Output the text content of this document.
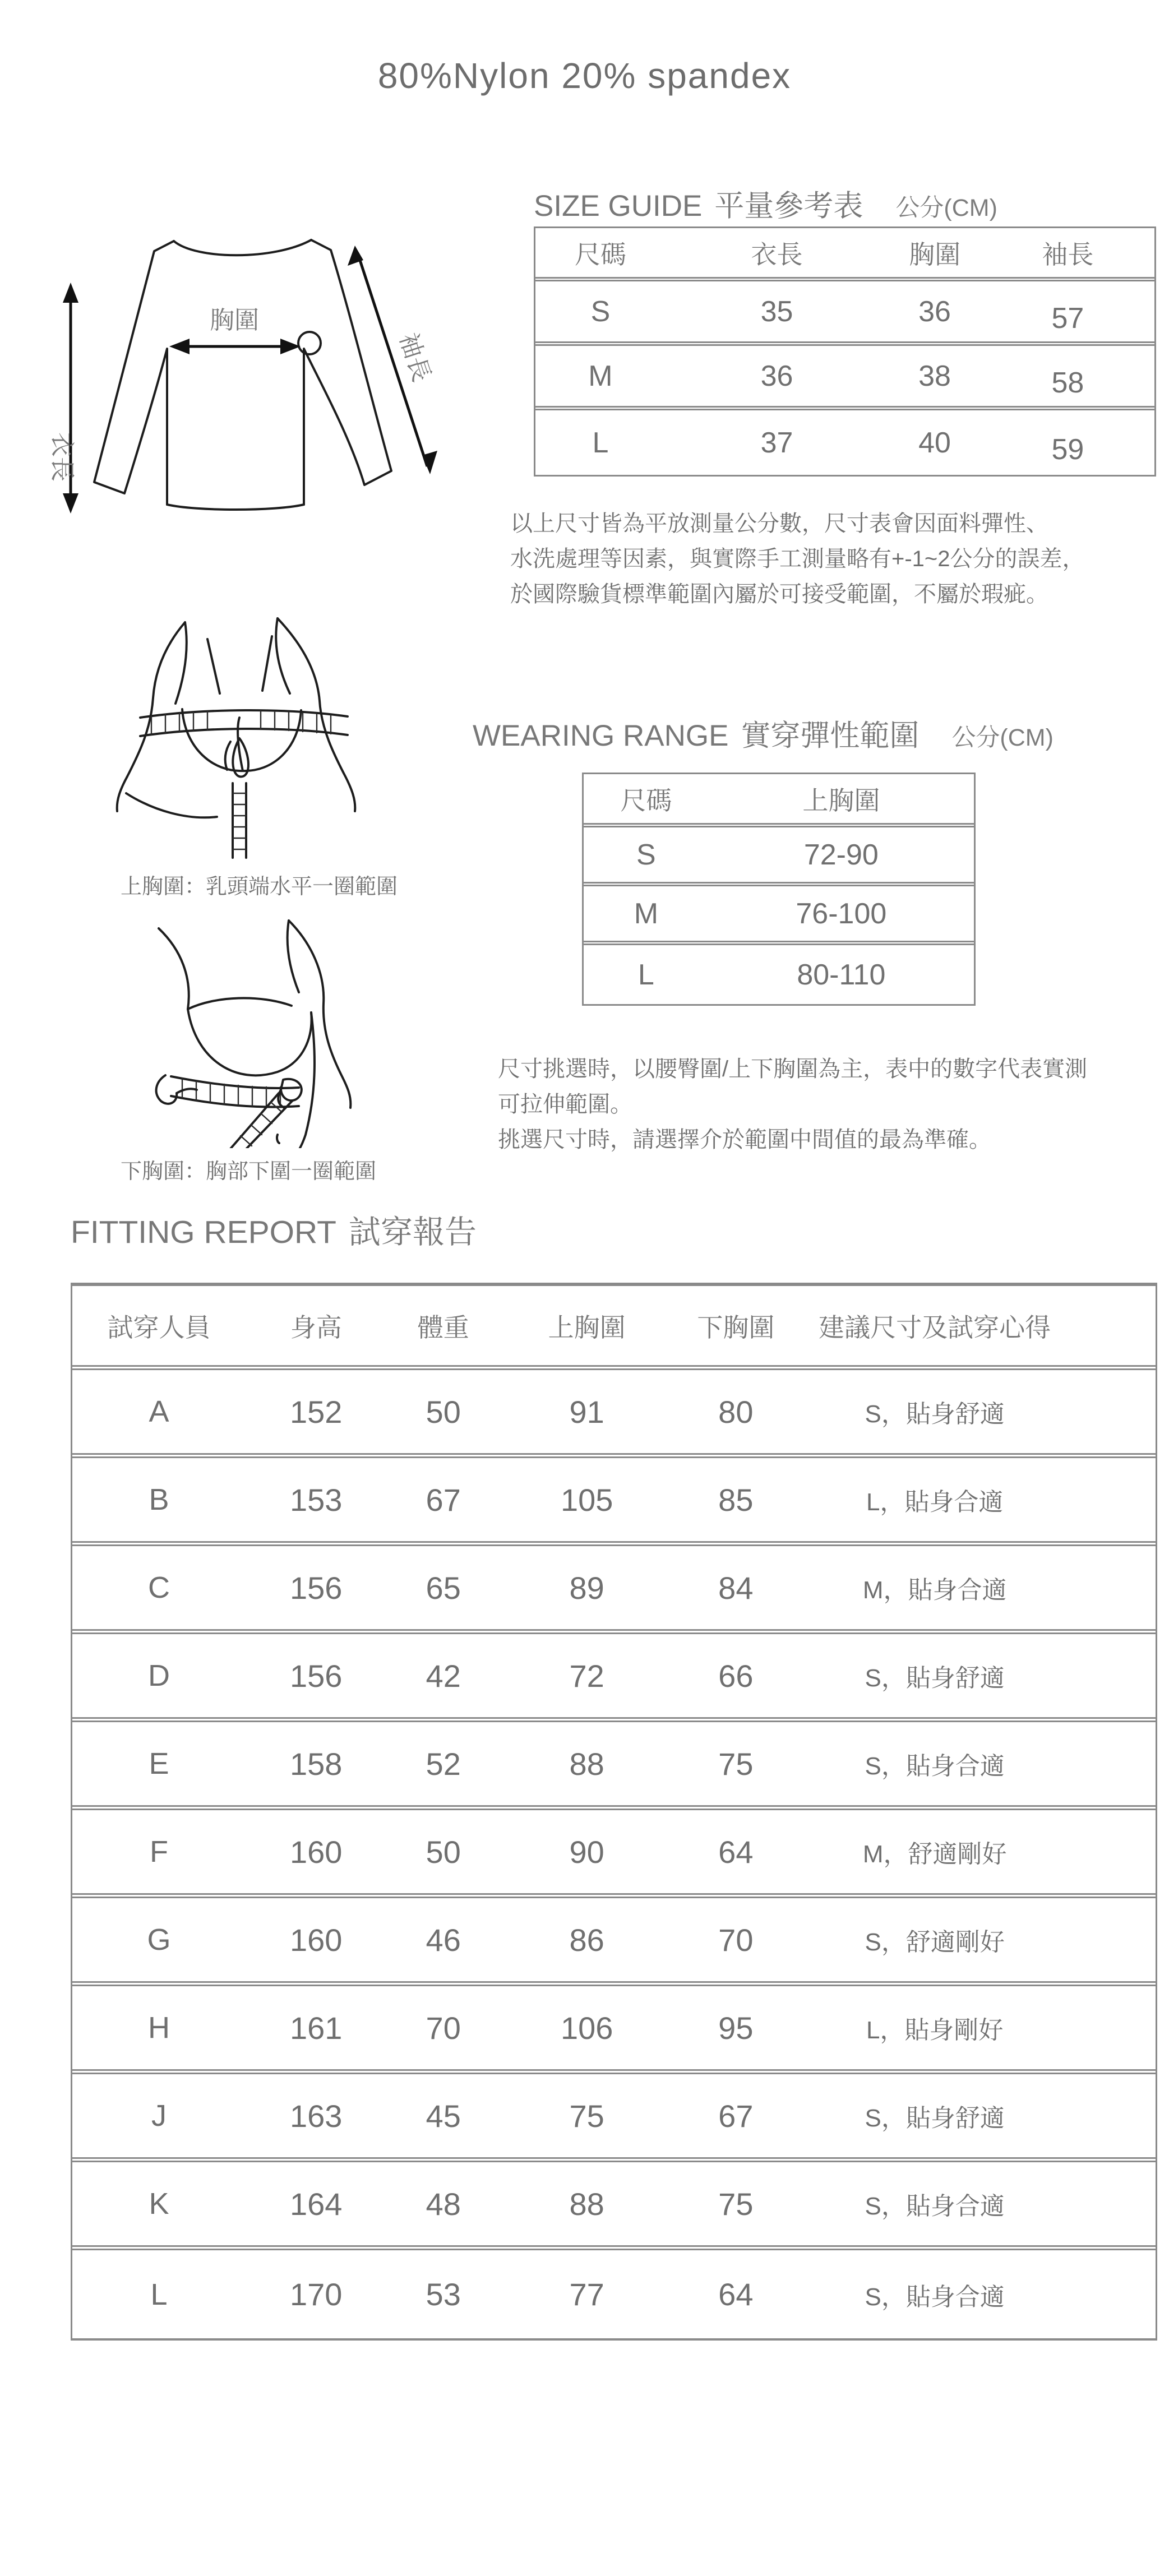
80%Nylon 20% spandex
衣長
胸圍
袖長
SIZE GUIDE 平量參考表 公分(CM)
尺碼	衣長	胸圍	袖長
S	35	36	57
M	36	38	58
L	37	40	59
以上尺寸皆為平放測量公分數，尺寸表會因面料彈性、
水洗處理等因素，與實際手工測量略有+-1~2公分的誤差，
於國際驗貨標準範圍內屬於可接受範圍，不屬於瑕疵。
上胸圍：乳頭端水平一圈範圍
下胸圍：胸部下圍一圈範圍
WEARING RANGE 實穿彈性範圍 公分(CM)
尺碼	上胸圍
S	72-90
M	76-100
L	80-110
尺寸挑選時，以腰臀圍/上下胸圍為主，表中的數字代表實測
可拉伸範圍。
挑選尺寸時，請選擇介於範圍中間值的最為準確。
FITTING REPORT 試穿報告
試穿人員	身高	體重	上胸圍	下胸圍	建議尺寸及試穿心得
A	152	50	91	80	S，貼身舒適
B	153	67	105	85	L，貼身合適
C	156	65	89	84	M，貼身合適
D	156	42	72	66	S，貼身舒適
E	158	52	88	75	S，貼身合適
F	160	50	90	64	M，舒適剛好
G	160	46	86	70	S，舒適剛好
H	161	70	106	95	L，貼身剛好
J	163	45	75	67	S，貼身舒適
K	164	48	88	75	S，貼身合適
L	170	53	77	64	S，貼身合適
